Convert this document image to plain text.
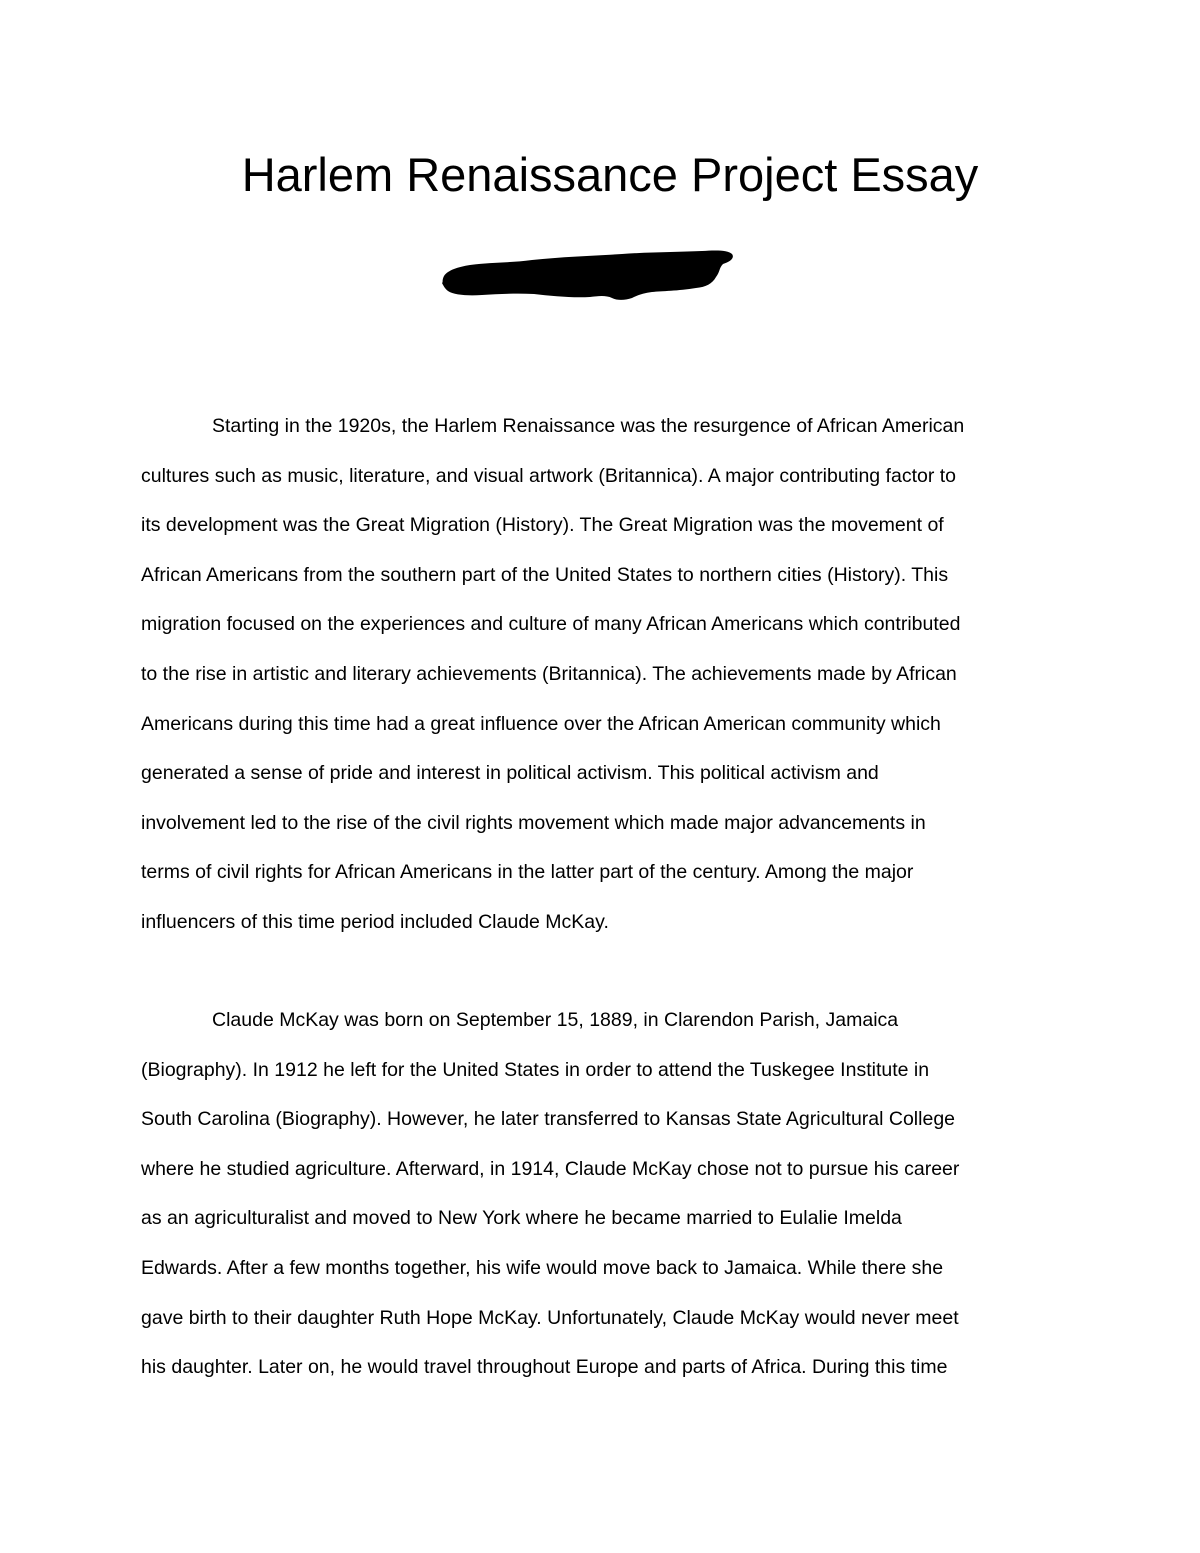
Harlem Renaissance Project Essay
Starting in the 1920s, the Harlem Renaissance was the resurgence of African American
cultures such as music, literature, and visual artwork (Britannica). A major contributing factor to
its development was the Great Migration (History). The Great Migration was the movement of
African Americans from the southern part of the United States to northern cities (History). This
migration focused on the experiences and culture of many African Americans which contributed
to the rise in artistic and literary achievements (Britannica). The achievements made by African
Americans during this time had a great influence over the African American community which
generated a sense of pride and interest in political activism. This political activism and
involvement led to the rise of the civil rights movement which made major advancements in
terms of civil rights for African Americans in the latter part of the century. Among the major
influencers of this time period included Claude McKay.
Claude McKay was born on September 15, 1889, in Clarendon Parish, Jamaica
(Biography). In 1912 he left for the United States in order to attend the Tuskegee Institute in
South Carolina (Biography). However, he later transferred to Kansas State Agricultural College
where he studied agriculture. Afterward, in 1914, Claude McKay chose not to pursue his career
as an agriculturalist and moved to New York where he became married to Eulalie Imelda
Edwards. After a few months together, his wife would move back to Jamaica. While there she
gave birth to their daughter Ruth Hope McKay. Unfortunately, Claude McKay would never meet
his daughter. Later on, he would travel throughout Europe and parts of Africa. During this time
